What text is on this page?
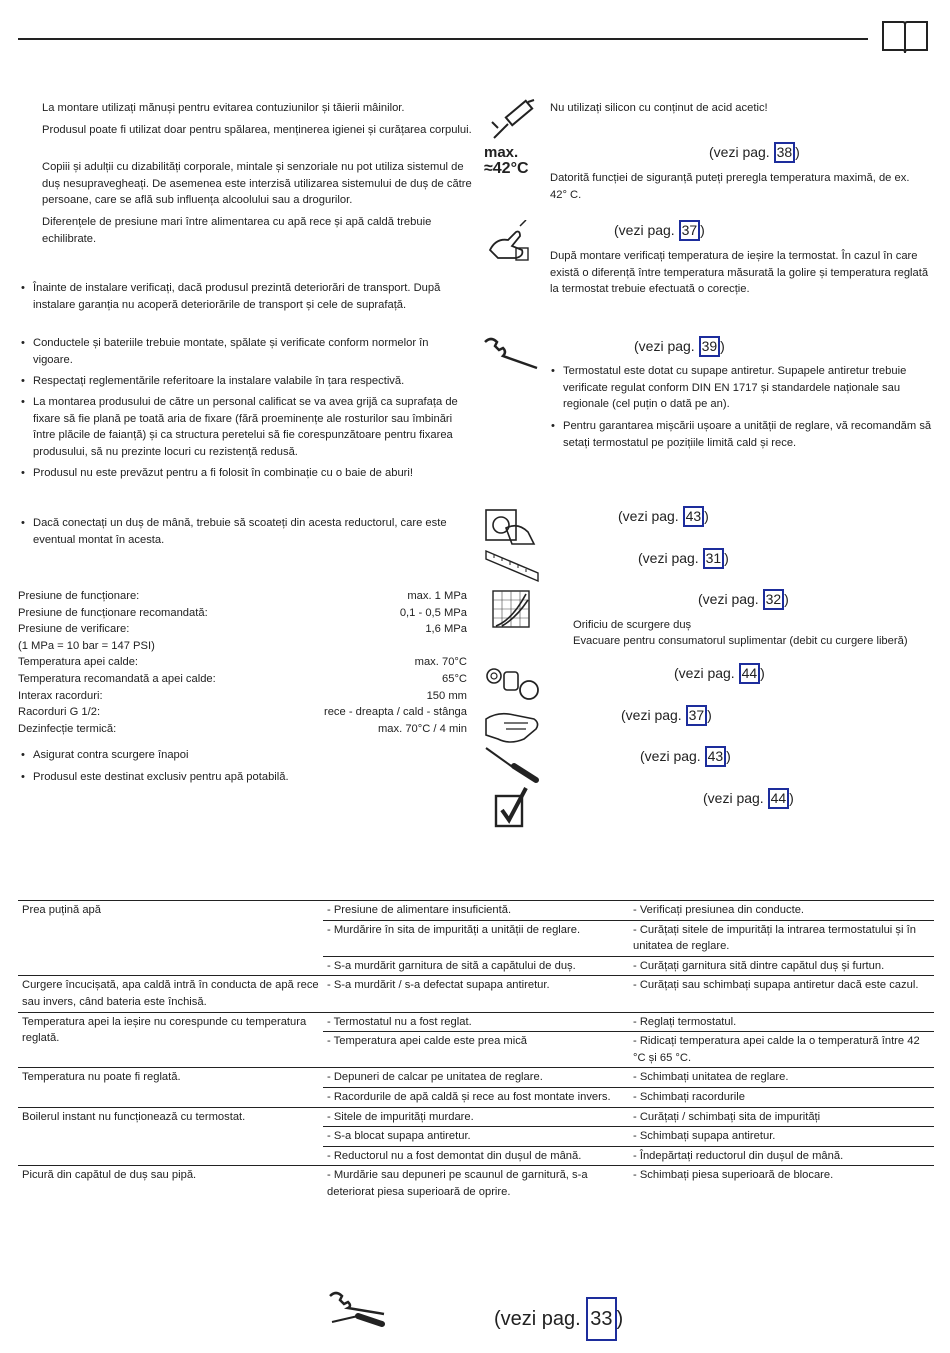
La montare utilizați mănuși pentru evitarea contuziunilor și tăierii mâinilor.
Produsul poate fi utilizat doar pentru spălarea, menținerea igienei și curățarea corpului.
Copiii și adulții cu dizabilități corporale, mintale și senzoriale nu pot utiliza sistemul de duș nesupravegheați. De asemenea este interzisă utilizarea sistemului de duș de către persoane, care se află sub influența alcoolului sau a drogurilor.
Diferențele de presiune mari între alimentarea cu apă rece și apă caldă trebuie echilibrate.
• Înainte de instalare verificați, dacă produsul prezintă deteriorări de transport. După instalare garanția nu acoperă deteriorările de transport și cele de suprafață.
• Conductele și bateriile trebuie montate, spălate și verificate conform normelor în vigoare.
• Respectați reglementările referitoare la instalare valabile în țara respectivă.
• La montarea produsului de către un personal calificat se va avea grijă ca suprafața de fixare să fie plană pe toată aria de fixare (fără proeminențe ale rosturilor sau îmbinări între plăcile de faianță) și ca structura peretelui să fie corespunzătoare pentru fixarea produsului, să nu prezinte locuri cu rezistență redusă.
• Produsul nu este prevăzut pentru a fi folosit în combinație cu o baie de aburi!
• Dacă conectați un duș de mână, trebuie să scoateți din acesta reductorul, care este eventual montat în acesta.
Presiune de funcționare:	max. 1 MPa
Presiune de funcționare recomandată:	0,1 - 0,5 MPa
Presiune de verificare:	1,6 MPa
(1 MPa = 10 bar = 147 PSI)
Temperatura apei calde:	max. 70°C
Temperatura recomandată a apei calde:	65°C
Interax racorduri:	150 mm
Racorduri G 1/2:	rece - dreapta / cald - stânga
Dezinfecție termică:	max. 70°C / 4 min
• Asigurat contra scurgere înapoi
• Produsul este destinat exclusiv pentru apă potabilă.
Nu utilizați silicon cu conținut de acid acetic!
max.
≈42°C
(vezi pag. 38 )
Datorită funcției de siguranță puteți preregla temperatura maximă, de ex. 42° C.
(vezi pag. 37 )
După montare verificați temperatura de ieșire la termostat. În cazul în care există o diferență între temperatura măsurată la golire și temperatura reglată la termostat trebuie efectuată o corecție.
(vezi pag. 39 )
• Termostatul este dotat cu supape antiretur. Supapele antiretur trebuie verificate regulat conform DIN EN 1717 și standardele naționale sau regionale (cel puțin o dată pe an).
• Pentru garantarea mișcării ușoare a unității de reglare, vă recomandăm să setați termostatul pe pozițiile limită cald și rece.
(vezi pag. 43 )
(vezi pag. 31 )
(vezi pag. 32 )
Orificiu de scurgere duș
Evacuare pentru consumatorul suplimentar (debit cu curgere liberă)
(vezi pag. 44 )
(vezi pag. 37 )
(vezi pag. 43 )
(vezi pag. 44 )
Prea puțină apă	- Presiune de alimentare insuficientă.	- Verificați presiunea din conducte.
	- Murdărire în sita de impurități a unității de reglare.	- Curățați sitele de impurități la intrarea termostatului și în unitatea de reglare.
	- S-a murdărit garnitura de sită a capătului de duș.	- Curățați garnitura sită dintre capătul duș și furtun.
Curgere încucișată, apa caldă intră în conducta de apă rece sau invers, când bateria este închisă.	- S-a murdărit / s-a defectat supapa antiretur.	- Curățați sau schimbați supapa antiretur dacă este cazul.
Temperatura apei la ieșire nu corespunde cu temperatura reglată.	- Termostatul nu a fost reglat.	- Reglați termostatul.
	- Temperatura apei calde este prea mică	- Ridicați temperatura apei calde la o temperatură între 42 °C și 65 °C.
Temperatura nu poate fi reglată.	- Depuneri de calcar pe unitatea de reglare.	- Schimbați unitatea de reglare.
	- Racordurile de apă caldă și rece au fost montate invers.	- Schimbați racordurile
Boilerul instant nu funcționează cu termostat.	- Sitele de impurități murdare.	- Curățați / schimbați sita de impurități
	- S-a blocat supapa antiretur.	- Schimbați supapa antiretur.
	- Reductorul nu a fost demontat din dușul de mână.	- Îndepărtați reductorul din dușul de mână.
Picură din capătul de duș sau pipă.	- Murdărie sau depuneri pe scaunul de garnitură, s-a deteriorat piesa superioară de oprire.	- Schimbați piesa superioară de blocare.
(vezi pag. 33 )
